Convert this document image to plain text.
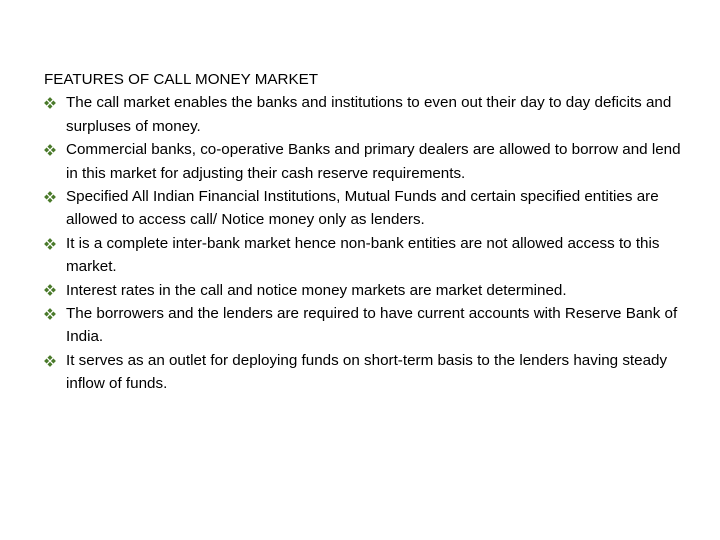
FEATURES OF CALL MONEY MARKET
The call market enables the banks and institutions to even out their day to day deficits and surpluses of money.
Commercial banks, co-operative Banks and primary dealers are allowed to borrow and lend in this market for adjusting their cash reserve requirements.
Specified All Indian Financial Institutions, Mutual Funds and certain specified entities are allowed to access call/ Notice money only as lenders.
It is a complete inter-bank market hence non-bank entities are not allowed access to this market.
Interest rates in the call and notice money markets are market determined.
The borrowers and the lenders are required to have current accounts with Reserve Bank of India.
It serves as an outlet for deploying funds on short-term basis to the lenders having steady inflow of funds.
